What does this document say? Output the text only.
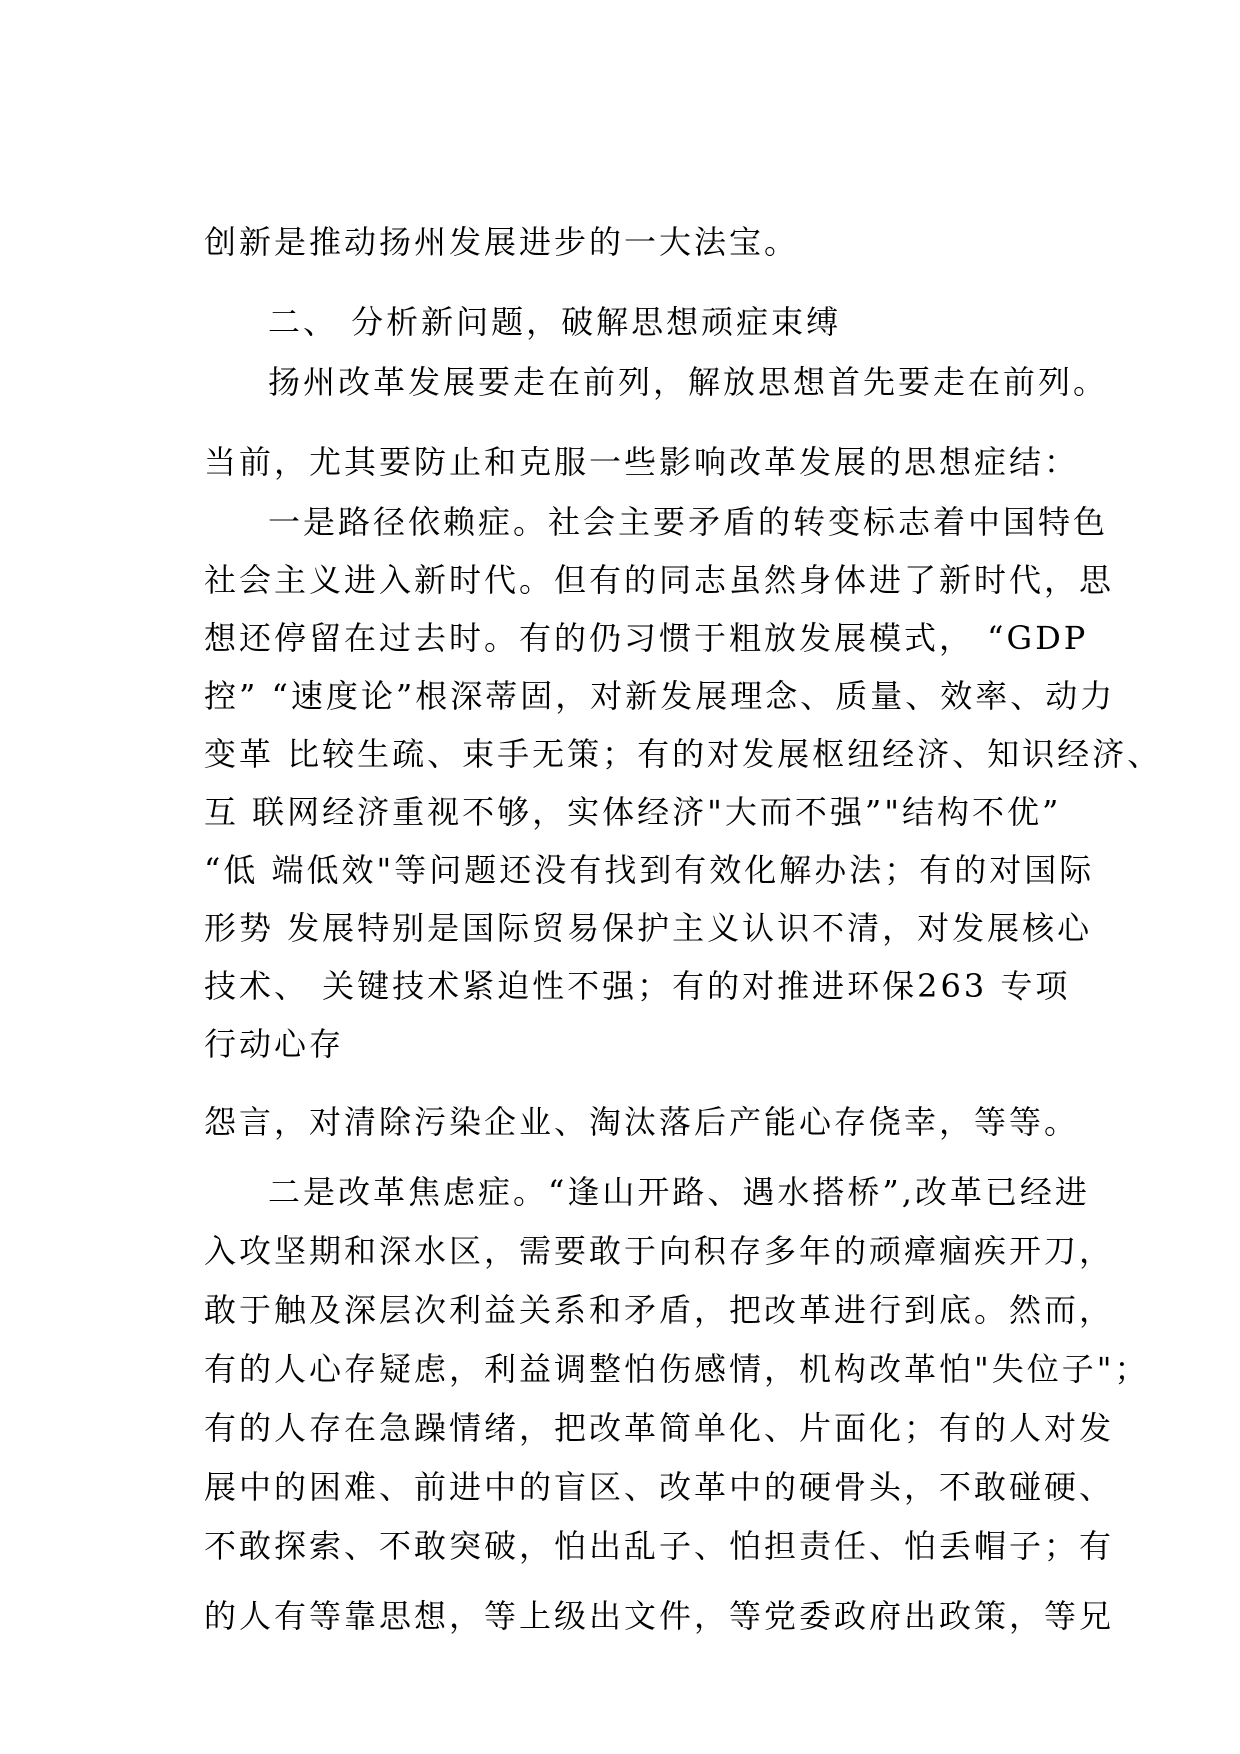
创新是推动扬州发展进步的一大法宝。
二、 分析新问题，破解思想顽症束缚
扬州改革发展要走在前列，解放思想首先要走在前列。
当前，尤其要防止和克服一些影响改革发展的思想症结：
一是路径依赖症。社会主要矛盾的转变标志着中国特色
社会主义进入新时代。但有的同志虽然身体进了新时代，思
想还停留在过去时。有的仍习惯于粗放发展模式， “GDP
控” “速度论”根深蒂固，对新发展理念、质量、效率、动力
变革 比较生疏、束手无策；有的对发展枢纽经济、知识经济、
互 联网经济重视不够，实体经济"大而不强”"结构不优”
“低 端低效"等问题还没有找到有效化解办法；有的对国际
形势 发展特别是国际贸易保护主义认识不清，对发展核心
技术、 关键技术紧迫性不强；有的对推进环保263 专项
行动心存
怨言，对清除污染企业、淘汰落后产能心存侥幸，等等。
二是改革焦虑症。“逢山开路、遇水搭桥”,改革已经进
入攻坚期和深水区，需要敢于向积存多年的顽瘴痼疾开刀，
敢于触及深层次利益关系和矛盾，把改革进行到底。然而，
有的人心存疑虑，利益调整怕伤感情，机构改革怕"失位子"；
有的人存在急躁情绪，把改革简单化、片面化；有的人对发
展中的困难、前进中的盲区、改革中的硬骨头，不敢碰硬、
不敢探索、不敢突破，怕出乱子、怕担责任、怕丢帽子；有
的人有等靠思想，等上级出文件，等党委政府出政策，等兄
